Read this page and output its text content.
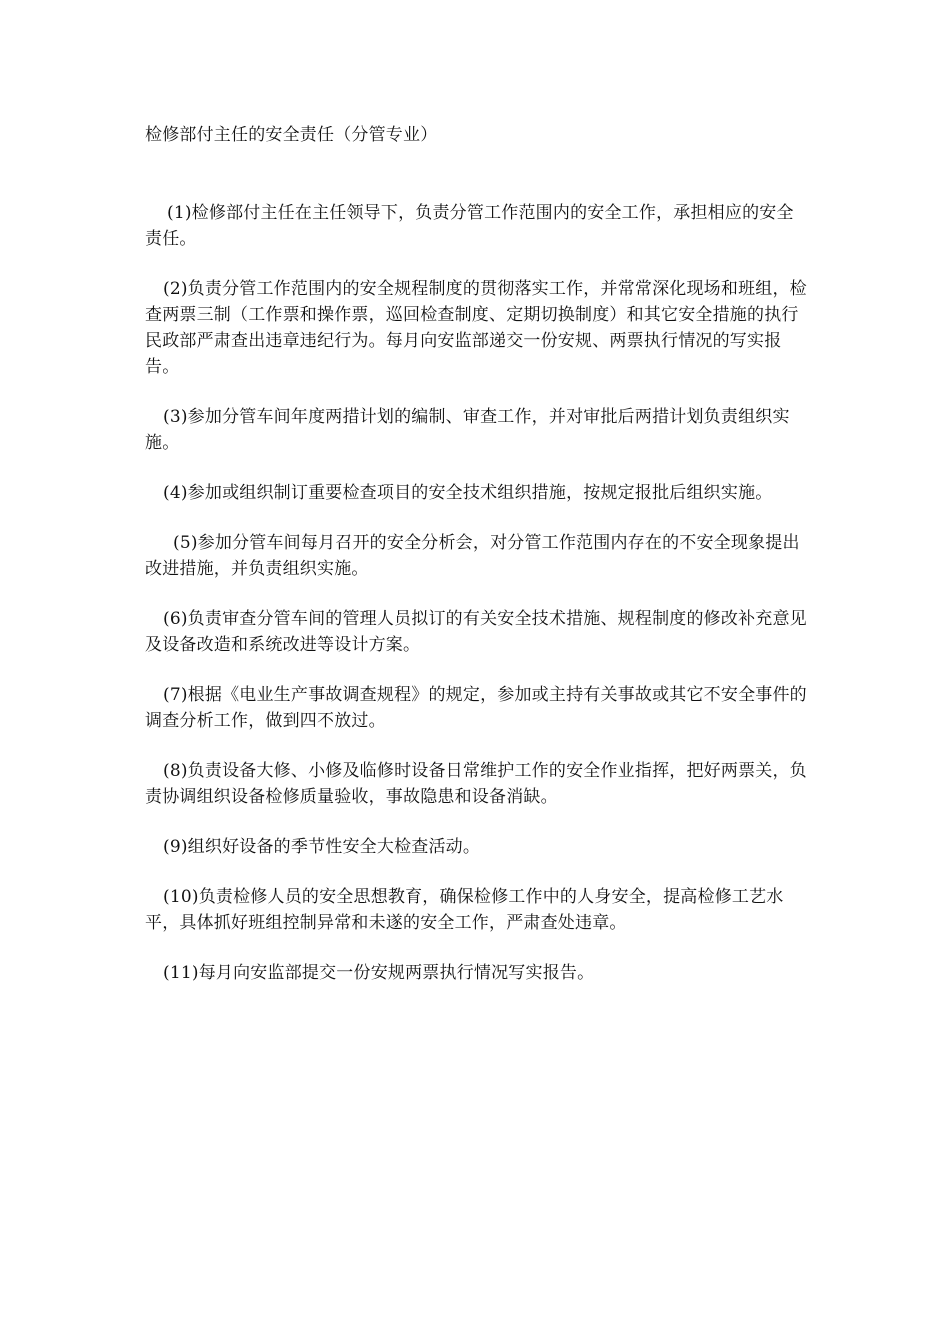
检修部付主任的安全责任（分管专业）

(1)检修部付主任在主任领导下，负责分管工作范围内的安全工作，承担相应的安全责任。

(2)负责分管工作范围内的安全规程制度的贯彻落实工作，并常常深化现场和班组，检查两票三制（工作票和操作票，巡回检查制度、定期切换制度）和其它安全措施的执行民政部严肃查出违章违纪行为。每月向安监部递交一份安规、两票执行情况的写实报告。

(3)参加分管车间年度两措计划的编制、审查工作，并对审批后两措计划负责组织实施。

(4)参加或组织制订重要检查项目的安全技术组织措施，按规定报批后组织实施。

(5)参加分管车间每月召开的安全分析会，对分管工作范围内存在的不安全现象提出改进措施，并负责组织实施。

(6)负责审查分管车间的管理人员拟订的有关安全技术措施、规程制度的修改补充意见及设备改造和系统改进等设计方案。

(7)根据《电业生产事故调查规程》的规定，参加或主持有关事故或其它不安全事件的调查分析工作，做到四不放过。

(8)负责设备大修、小修及临修时设备日常维护工作的安全作业指挥，把好两票关，负责协调组织设备检修质量验收，事故隐患和设备消缺。

(9)组织好设备的季节性安全大检查活动。

(10)负责检修人员的安全思想教育，确保检修工作中的人身安全，提高检修工艺水平，具体抓好班组控制异常和未遂的安全工作，严肃查处违章。

(11)每月向安监部提交一份安规两票执行情况写实报告。
